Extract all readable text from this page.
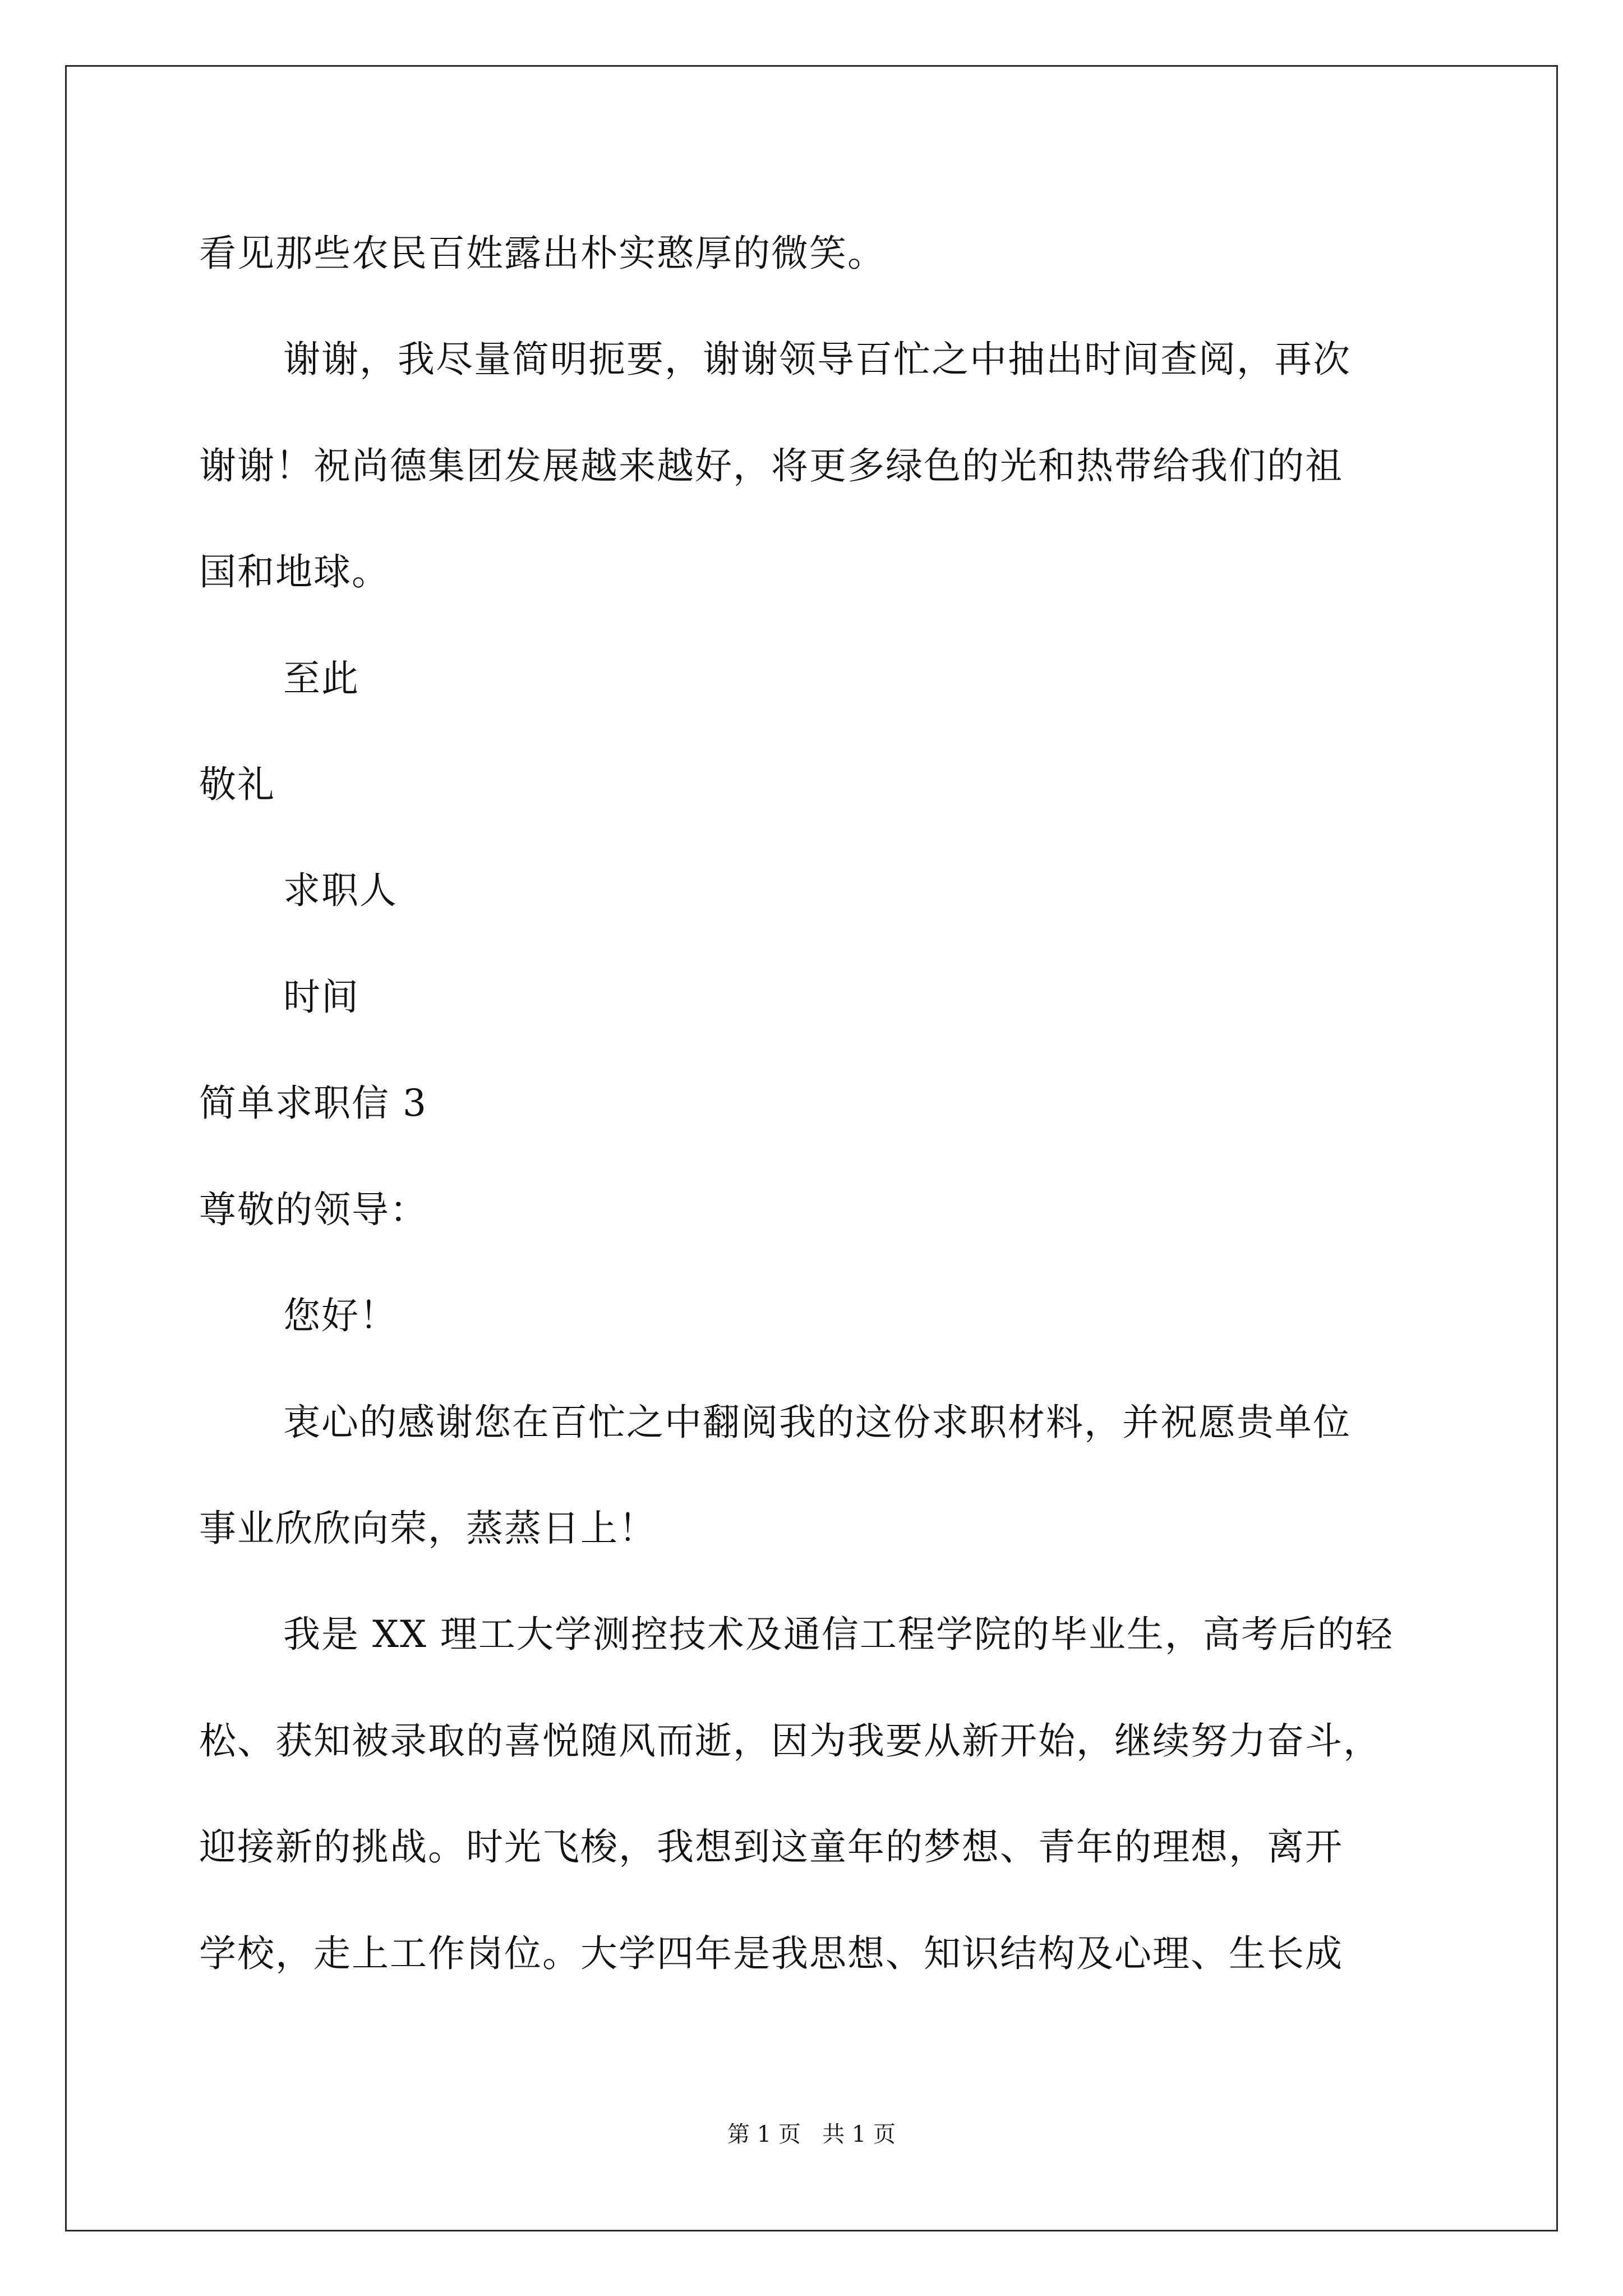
看见那些农民百姓露出朴实憨厚的微笑。
谢谢，我尽量简明扼要，谢谢领导百忙之中抽出时间查阅，再次
谢谢！祝尚德集团发展越来越好，将更多绿色的光和热带给我们的祖
国和地球。
至此
敬礼
求职人
时间
简单求职信 3
尊敬的领导：
您好！
衷心的感谢您在百忙之中翻阅我的这份求职材料，并祝愿贵单位
事业欣欣向荣，蒸蒸日上！
我是 XX 理工大学测控技术及通信工程学院的毕业生，高考后的轻
松、获知被录取的喜悦随风而逝，因为我要从新开始，继续努力奋斗，
迎接新的挑战。时光飞梭，我想到这童年的梦想、青年的理想，离开
学校，走上工作岗位。大学四年是我思想、知识结构及心理、生长成
第 1 页   共 1 页
